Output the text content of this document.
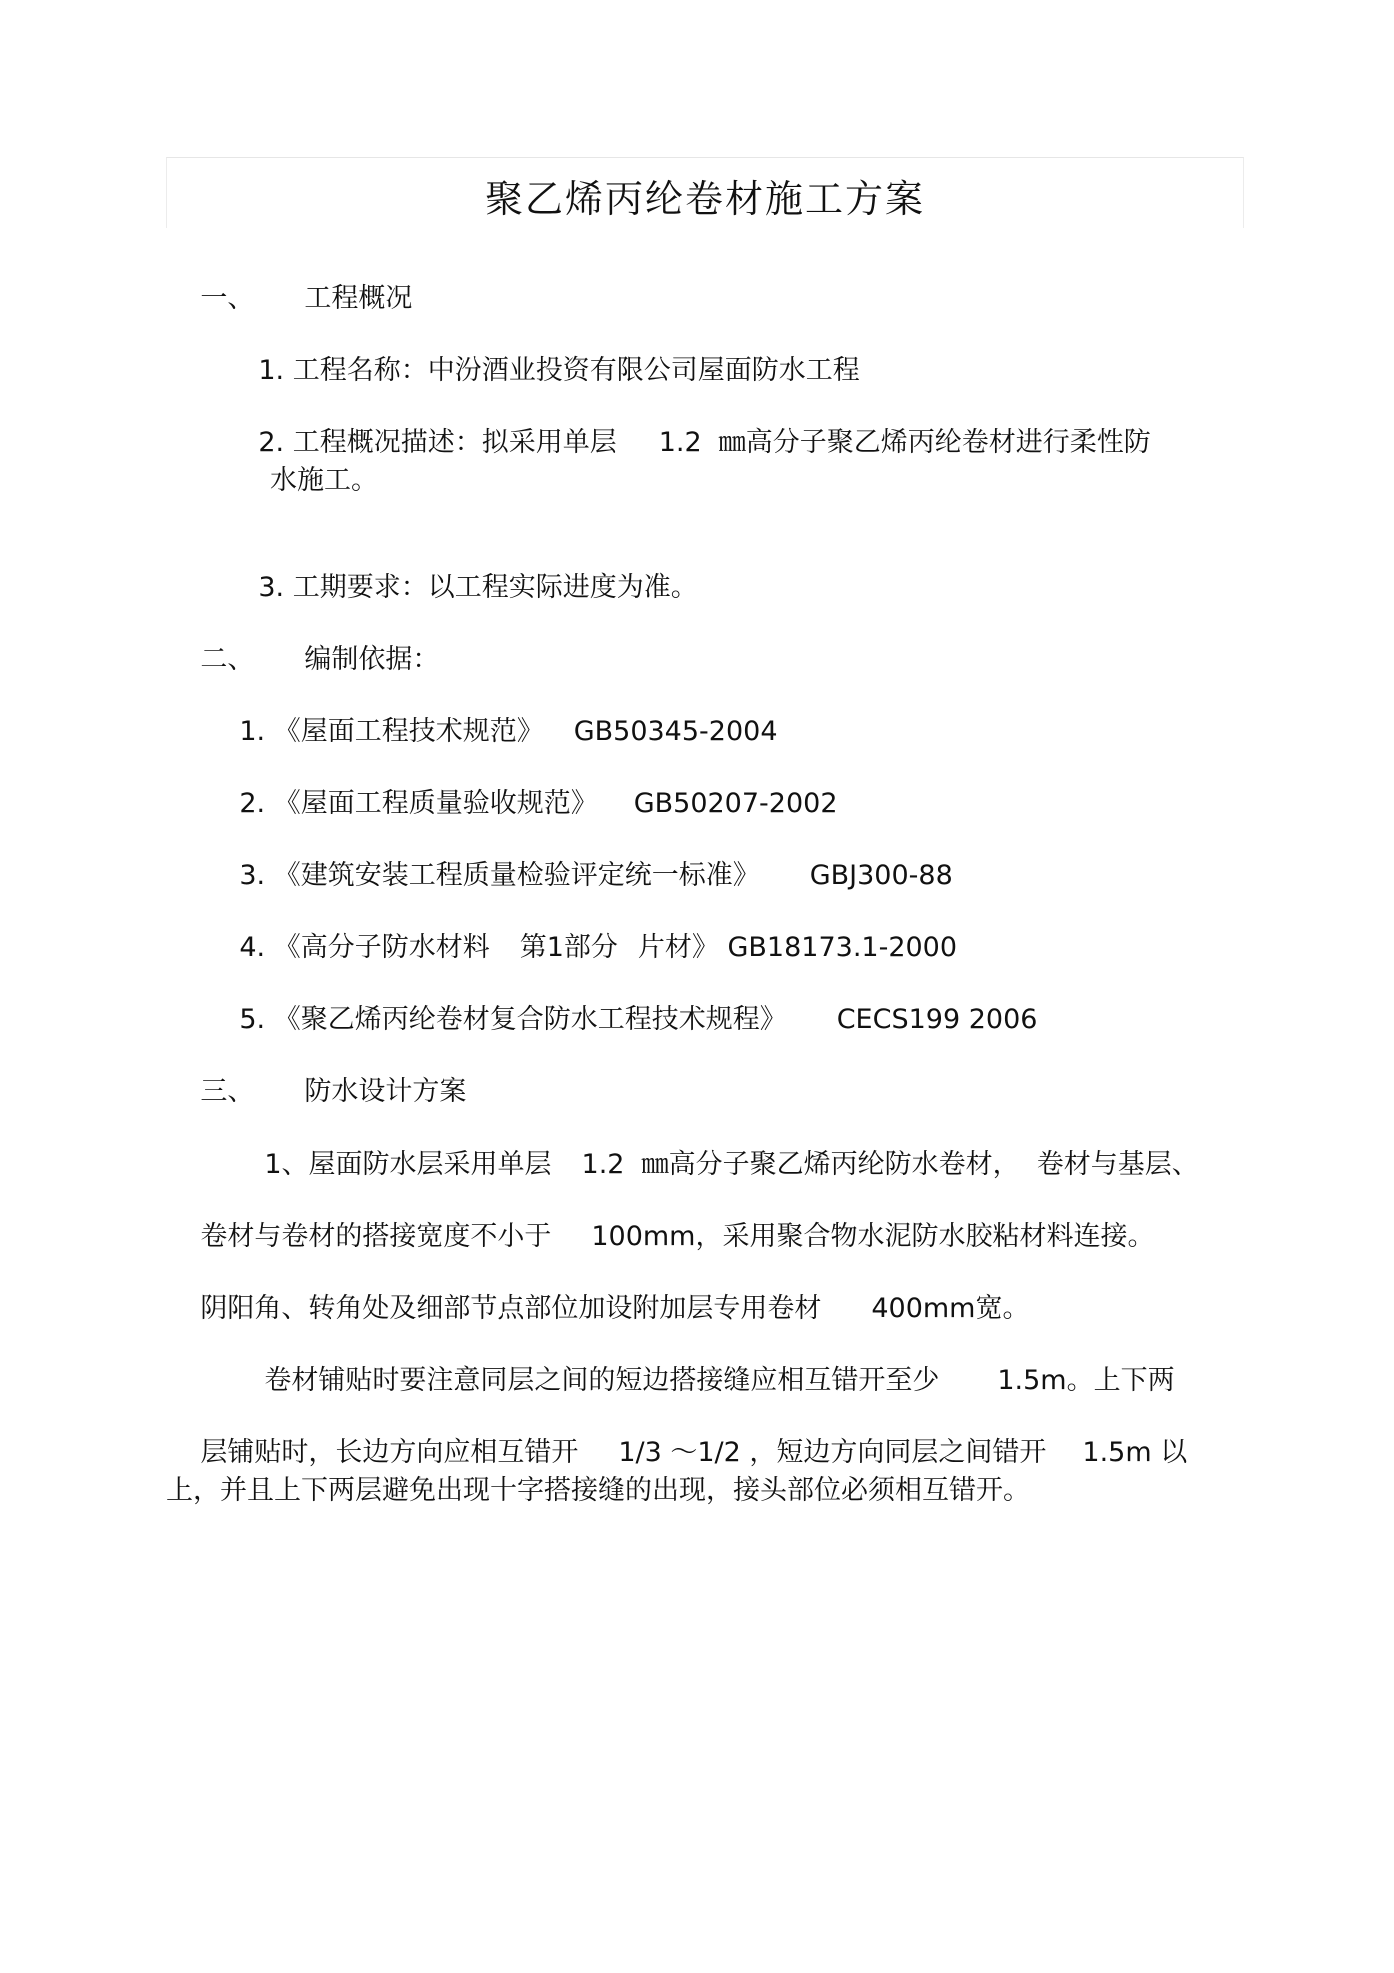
聚乙烯丙纶卷材施工方案

一、 工程概况

1. 工程名称：中汾酒业投资有限公司屋面防水工程

2. 工程概况描述：拟采用单层 1.2  ㎜高分子聚乙烯丙纶卷材进行柔性防

水施工。

3. 工期要求：以工程实际进度为准。

二、 编制依据：

1. 《屋面工程技术规范》 GB50345-2004

2. 《屋面工程质量验收规范》 GB50207-2002

3. 《建筑安装工程质量检验评定统一标准》 GBJ300-88

4. 《高分子防水材料 第1部分 片材》 GB18173.1-2000

5. 《聚乙烯丙纶卷材复合防水工程技术规程》 CECS199 2006

三、 防水设计方案

1、屋面防水层采用单层 1.2  ㎜高分子聚乙烯丙纶防水卷材，  卷材与基层、

卷材与卷材的搭接宽度不小于 100mm，采用聚合物水泥防水胶粘材料连接。

阴阳角、转角处及细部节点部位加设附加层专用卷材 400mm宽。

卷材铺贴时要注意同层之间的短边搭接缝应相互错开至少 1.5m。上下两

层铺贴时，长边方向应相互错开 1/3 ～1/2 ，短边方向同层之间错开 1.5m 以

上，并且上下两层避免出现十字搭接缝的出现，接头部位必须相互错开。
